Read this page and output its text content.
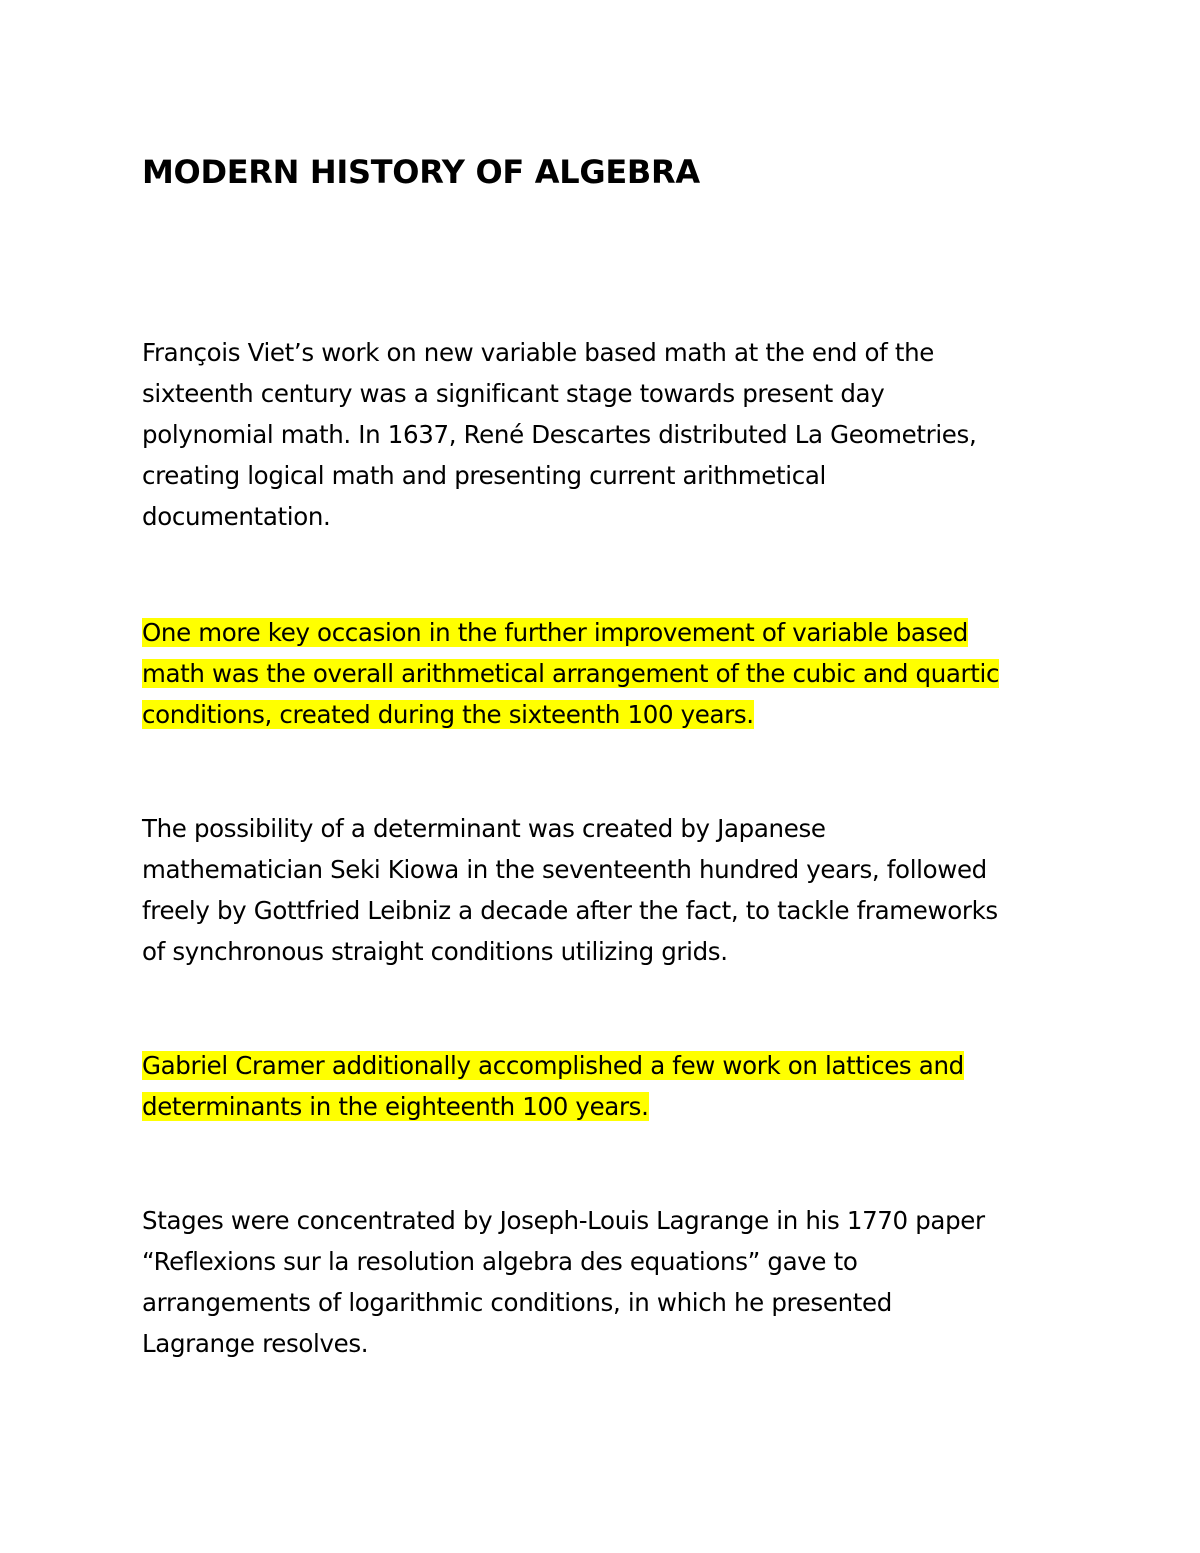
MODERN HISTORY OF ALGEBRA

François Viet’s work on new variable based math at the end of the
sixteenth century was a significant stage towards present day
polynomial math. In 1637, René Descartes distributed La Geometries,
creating logical math and presenting current arithmetical
documentation.

One more key occasion in the further improvement of variable based
math was the overall arithmetical arrangement of the cubic and quartic
conditions, created during the sixteenth 100 years.

The possibility of a determinant was created by Japanese
mathematician Seki Kiowa in the seventeenth hundred years, followed
freely by Gottfried Leibniz a decade after the fact, to tackle frameworks
of synchronous straight conditions utilizing grids.

Gabriel Cramer additionally accomplished a few work on lattices and
determinants in the eighteenth 100 years.

Stages were concentrated by Joseph-Louis Lagrange in his 1770 paper
“Reflexions sur la resolution algebra des equations” gave to
arrangements of logarithmic conditions, in which he presented
Lagrange resolves.
